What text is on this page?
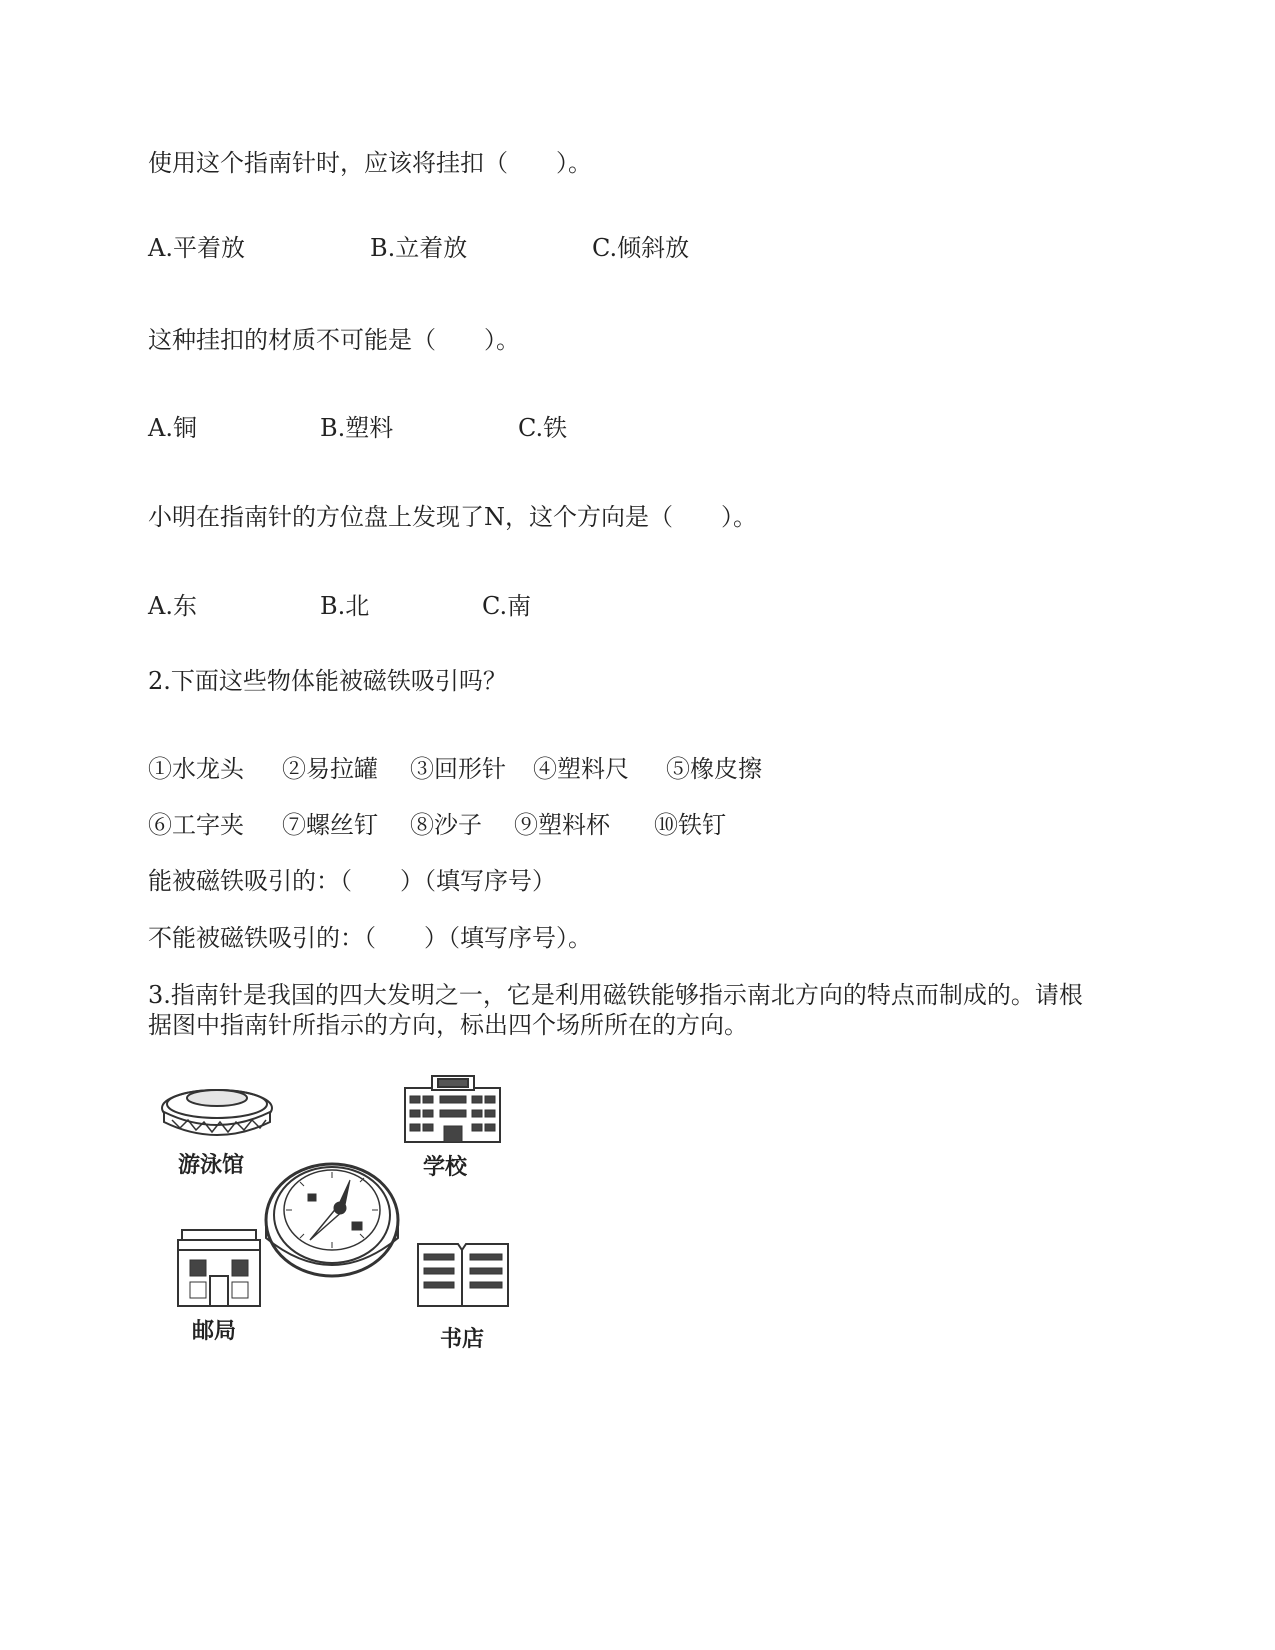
使用这个指南针时，应该将挂扣（　　）。
A.平着放	B.立着放	C.倾斜放
这种挂扣的材质不可能是（　　）。
A.铜	B.塑料	C.铁
小明在指南针的方位盘上发现了N，这个方向是（　　）。
A.东	B.北	C.南
2.下面这些物体能被磁铁吸引吗？
①水龙头 ②易拉罐 ③回形针 ④塑料尺 ⑤橡皮擦
⑥工字夹 ⑦螺丝钉 ⑧沙子 ⑨塑料杯 ⑩铁钉
能被磁铁吸引的：（　　）（填写序号）
不能被磁铁吸引的：（　　）（填写序号）。
3.指南针是我国的四大发明之一，它是利用磁铁能够指示南北方向的特点而制成的。请根
据图中指南针所指示的方向，标出四个场所所在的方向。
游泳馆	学校
邮局	书店
